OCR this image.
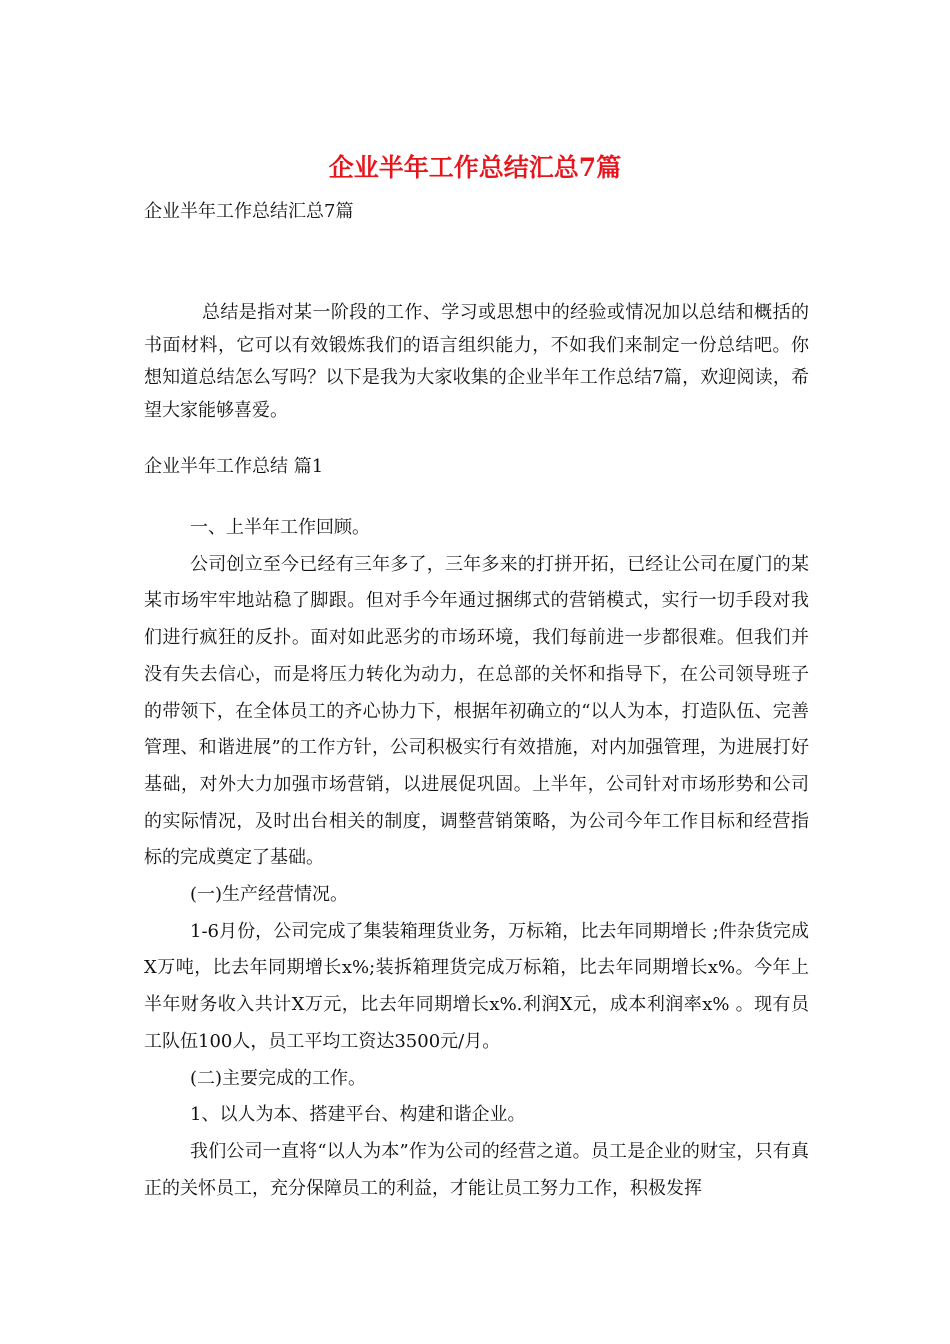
企业半年工作总结汇总7篇

企业半年工作总结汇总7篇

总结是指对某一阶段的工作、学习或思想中的经验或情况加以总结和概括的书面材料，它可以有效锻炼我们的语言组织能力，不如我们来制定一份总结吧。你想知道总结怎么写吗？以下是我为大家收集的企业半年工作总结7篇，欢迎阅读，希望大家能够喜爱。

企业半年工作总结 篇1

一、上半年工作回顾。

公司创立至今已经有三年多了，三年多来的打拼开拓，已经让公司在厦门的某某市场牢牢地站稳了脚跟。但对手今年通过捆绑式的营销模式，实行一切手段对我们进行疯狂的反扑。面对如此恶劣的市场环境，我们每前进一步都很难。但我们并没有失去信心，而是将压力转化为动力，在总部的关怀和指导下，在公司领导班子的带领下，在全体员工的齐心协力下，根据年初确立的“以人为本，打造队伍、完善管理、和谐进展”的工作方针，公司积极实行有效措施，对内加强管理，为进展打好基础，对外大力加强市场营销，以进展促巩固。上半年，公司针对市场形势和公司的实际情况，及时出台相关的制度，调整营销策略，为公司今年工作目标和经营指标的完成奠定了基础。

(一)生产经营情况。

1-6月份，公司完成了集装箱理货业务，万标箱，比去年同期增长 ;件杂货完成X万吨，比去年同期增长x%;装拆箱理货完成万标箱，比去年同期增长x%。今年上半年财务收入共计X万元，比去年同期增长x%.利润X元，成本利润率x% 。现有员工队伍100人，员工平均工资达3500元/月。

(二)主要完成的工作。

1、以人为本、搭建平台、构建和谐企业。

我们公司一直将“以人为本”作为公司的经营之道。员工是企业的财宝，只有真正的关怀员工，充分保障员工的利益，才能让员工努力工作，积极发挥
